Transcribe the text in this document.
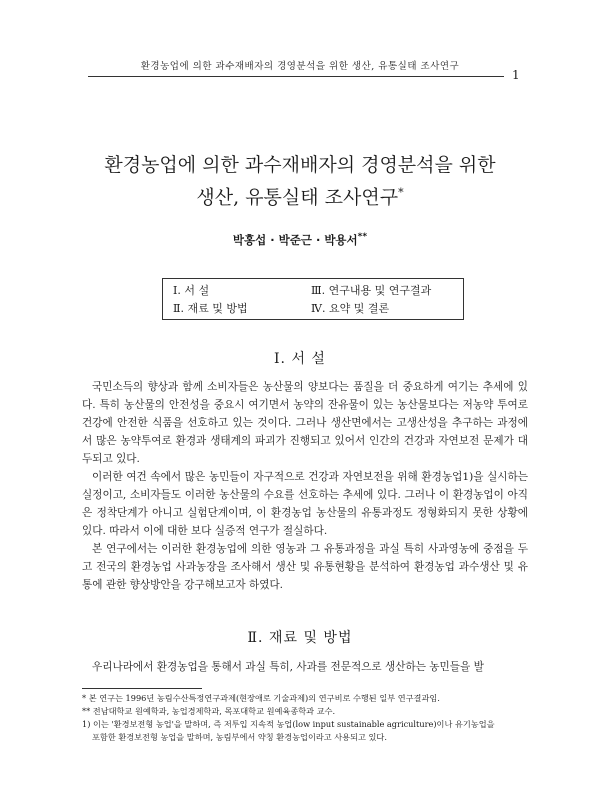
환경농업에 의한 과수재배자의 경영분석을 위한 생산, 유통실태 조사연구
1
환경농업에 의한 과수재배자의 경영분석을 위한
생산, 유통실태 조사연구*
박홍섭 · 박준근 · 박용서**
Ⅰ. 서 설	Ⅲ. 연구내용 및 연구결과
Ⅱ. 재료 및 방법	Ⅳ. 요약 및 결론
Ⅰ. 서 설

국민소득의 향상과 함께 소비자들은 농산물의 양보다는 품질을 더 중요하게 여기는 추세에 있다. 특히 농산물의 안전성을 중요시 여기면서 농약의 잔유물이 있는 농산물보다는 저농약 투여로 건강에 안전한 식품을 선호하고 있는 것이다. 그러나 생산면에서는 고생산성을 추구하는 과정에서 많은 농약투여로 환경과 생태계의 파괴가 진행되고 있어서 인간의 건강과 자연보전 문제가 대두되고 있다.

이러한 여건 속에서 많은 농민들이 자구적으로 건강과 자연보전을 위해 환경농업1)을 실시하는 실정이고, 소비자들도 이러한 농산물의 수요를 선호하는 추세에 있다. 그러나 이 환경농업이 아직은 정착단계가 아니고 실험단계이며, 이 환경농업 농산물의 유통과정도 정형화되지 못한 상황에 있다. 따라서 이에 대한 보다 실증적 연구가 절실하다.

본 연구에서는 이러한 환경농업에 의한 영농과 그 유통과정을 과실 특히 사과영농에 중점을 두고 전국의 환경농업 사과농장을 조사해서 생산 및 유통현황을 분석하여 환경농업 과수생산 및 유통에 관한 향상방안을 강구해보고자 하였다.

Ⅱ. 재료 및 방법

우리나라에서 환경농업을 통해서 과실 특히, 사과를 전문적으로 생산하는 농민들을 발

* 본 연구는 1996년 농림수산특정연구과제(현장애로 기술과제)의 연구비로 수행된 일부 연구결과임.

** 전남대학교 원예학과, 농업경제학과, 목포대학교 원예육종학과 교수.

1) 이는 '환경보전형 농업'을 말하며, 즉 저투입 지속적 농업(low input sustainable agriculture)이나 유기농업을

포함한 환경보전형 농업을 말하며, 농림부에서 약칭 환경농업이라고 사용되고 있다.
